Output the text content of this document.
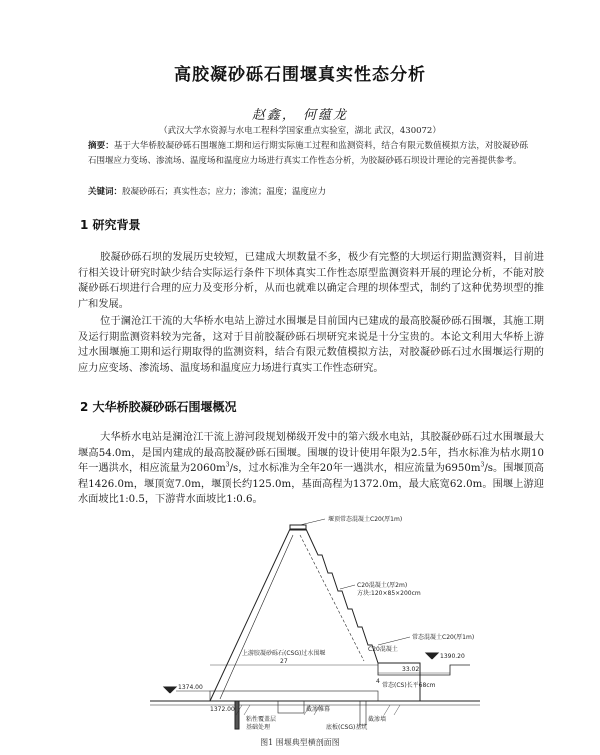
高胶凝砂砾石围堰真实性态分析
赵鑫， 何蕴龙
（武汉大学水资源与水电工程科学国家重点实验室，湖北 武汉，430072）
摘要：基于大华桥胶凝砂砾石围堰施工期和运行期实际施工过程和监测资料，结合有限元数值模拟方法，对胶凝砂砾石围堰应力变场、渗流场、温度场和温度应力场进行真实工作性态分析，为胶凝砂砾石坝设计理论的完善提供参考。
关键词：胶凝砂砾石；真实性态；应力；渗流；温度；温度应力
1 研究背景
胶凝砂砾石坝的发展历史较短，已建成大坝数量不多，极少有完整的大坝运行期监测资料，目前进行相关设计研究时缺少结合实际运行条件下坝体真实工作性态原型监测资料开展的理论分析，不能对胶凝砂砾石坝进行合理的应力及变形分析，从而也就难以确定合理的坝体型式，制约了这种优势坝型的推广和发展。
位于澜沧江干流的大华桥水电站上游过水围堰是目前国内已建成的最高胶凝砂砾石围堰，其施工期及运行期监测资料较为完备，这对于目前胶凝砂砾石坝研究来说是十分宝贵的。本论文利用大华桥上游过水围堰施工期和运行期取得的监测资料，结合有限元数值模拟方法，对胶凝砂砾石过水围堰运行期的应力应变场、渗流场、温度场和温度应力场进行真实工作性态研究。
2 大华桥胶凝砂砾石围堰概况
大华桥水电站是澜沧江干流上游河段规划梯级开发中的第六级水电站，其胶凝砂砾石过水围堰最大堰高54.0m，是国内建成的最高胶凝砂砾石围堰。围堰的设计使用年限为2.5年，挡水标准为枯水期10年一遇洪水，相应流量为$2060m^3/s$，过水标准为全年20年一遇洪水，相应流量为$6950m^3/s$。围堰顶高程1426.0m，堰顶宽7.0m，堰顶长约125.0m，基面高程为1372.0m，最大底宽62.0m。围堰上游迎水面坡比1:0.5，下游背水面坡比1:0.6。
堰顶常态混凝土C20(厚1m)
C20混凝土(厚2m)
方块:120×85×200cm
常态混凝土C20(厚1m)
C20混凝土
上游胶凝砂砾石(CSG)过水围堰	1390.20
27
33.02
4
1374.00
1372.00
常态(CS)长平68cm
粘性覆盖层
基础处理
截渗帷幕
截渗墙
底板(CSG)基坑
图1 围堰典型横剖面图
